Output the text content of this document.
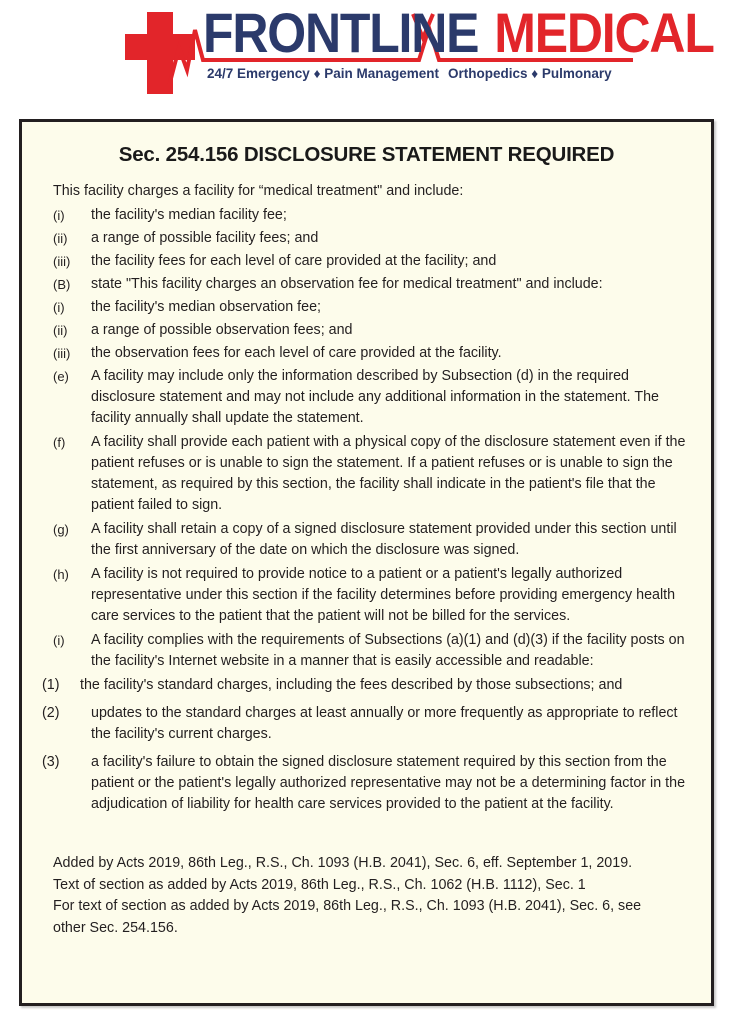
FRONTLINE MEDICAL
24/7 Emergency ♦ Pain Management Orthopedics ♦ Pulmonary
Sec. 254.156 DISCLOSURE STATEMENT REQUIRED

This facility charges a facility for “medical treatment" and include:

(i)	the facility's median facility fee;
(ii)	a range of possible facility fees; and
(iii)	the facility fees for each level of care provided at the facility; and
(B)	state "This facility charges an observation fee for medical treatment" and include:
(i)	the facility's median observation fee;
(ii)	a range of possible observation fees; and
(iii)	the observation fees for each level of care provided at the facility.
(e)	A facility may include only the information described by Subsection (d) in the required disclosure statement and may not include any additional information in the statement. The facility annually shall update the statement.
(f)	A facility shall provide each patient with a physical copy of the disclosure statement even if the patient refuses or is unable to sign the statement. If a patient refuses or is unable to sign the statement, as required by this section, the facility shall indicate in the patient's file that the patient failed to sign.
(g)	A facility shall retain a copy of a signed disclosure statement provided under this section until the first anniversary of the date on which the disclosure was signed.
(h)	A facility is not required to provide notice to a patient or a patient's legally authorized representative under this section if the facility determines before providing emergency health care services to the patient that the patient will not be billed for the services.
(i)	A facility complies with the requirements of Subsections (a)(1) and (d)(3) if the facility posts on the facility's Internet website in a manner that is easily accessible and readable:
(1)	the facility's standard charges, including the fees described by those subsections; and
(2)	updates to the standard charges at least annually or more frequently as appropriate to reflect the facility's current charges.
(3)	a facility's failure to obtain the signed disclosure statement required by this section from the patient or the patient's legally authorized representative may not be a determining factor in the adjudication of liability for health care services provided to the patient at the facility.
Added by Acts 2019, 86th Leg., R.S., Ch. 1093 (H.B. 2041), Sec. 6, eff. September 1, 2019.
Text of section as added by Acts 2019, 86th Leg., R.S., Ch. 1062 (H.B. 1112), Sec. 1
For text of section as added by Acts 2019, 86th Leg., R.S., Ch. 1093 (H.B. 2041), Sec. 6, see
other Sec. 254.156.
